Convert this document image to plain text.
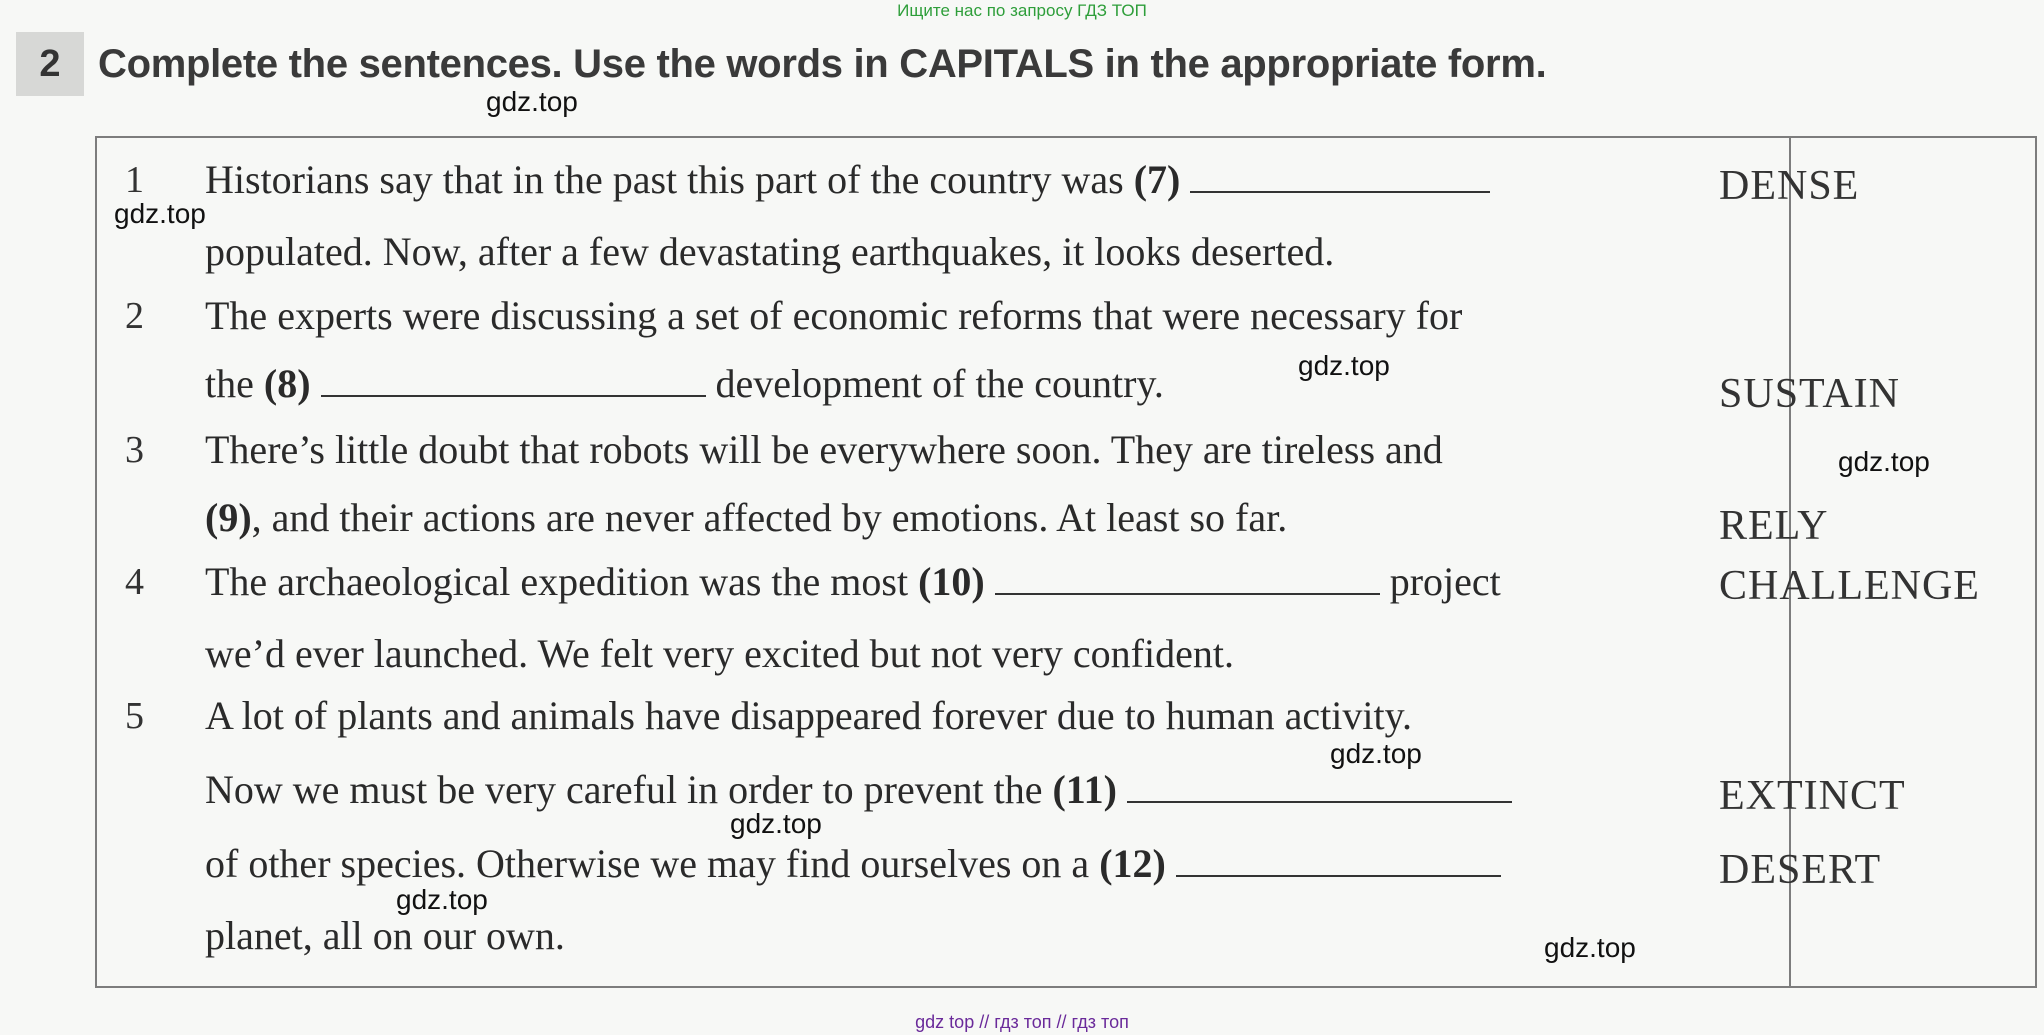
Ищите нас по запросу ГДЗ ТОП
2 Complete the sentences. Use the words in CAPITALS in the appropriate form.
1 Historians say that in the past this part of the country was (7)
populated. Now, after a few devastating earthquakes, it looks deserted.
2 The experts were discussing a set of economic reforms that were necessary for
the (8)	development of the country.
3 There’s little doubt that robots will be everywhere soon. They are tireless and
(9), and their actions are never affected by emotions. At least so far.
4 The archaeological expedition was the most (10)	project
we’d ever launched. We felt very excited but not very confident.
5 A lot of plants and animals have disappeared forever due to human activity.
Now we must be very careful in order to prevent the (11)
of other species. Otherwise we may find ourselves on a (12)
planet, all on our own.
DENSE
SUSTAIN
RELY
CHALLENGE
EXTINCT
DESERT
gdz.top
gdz.top
gdz.top
gdz.top
gdz.top
gdz.top
gdz.top
gdz.top
gdz top // гдз топ // гдз топ
